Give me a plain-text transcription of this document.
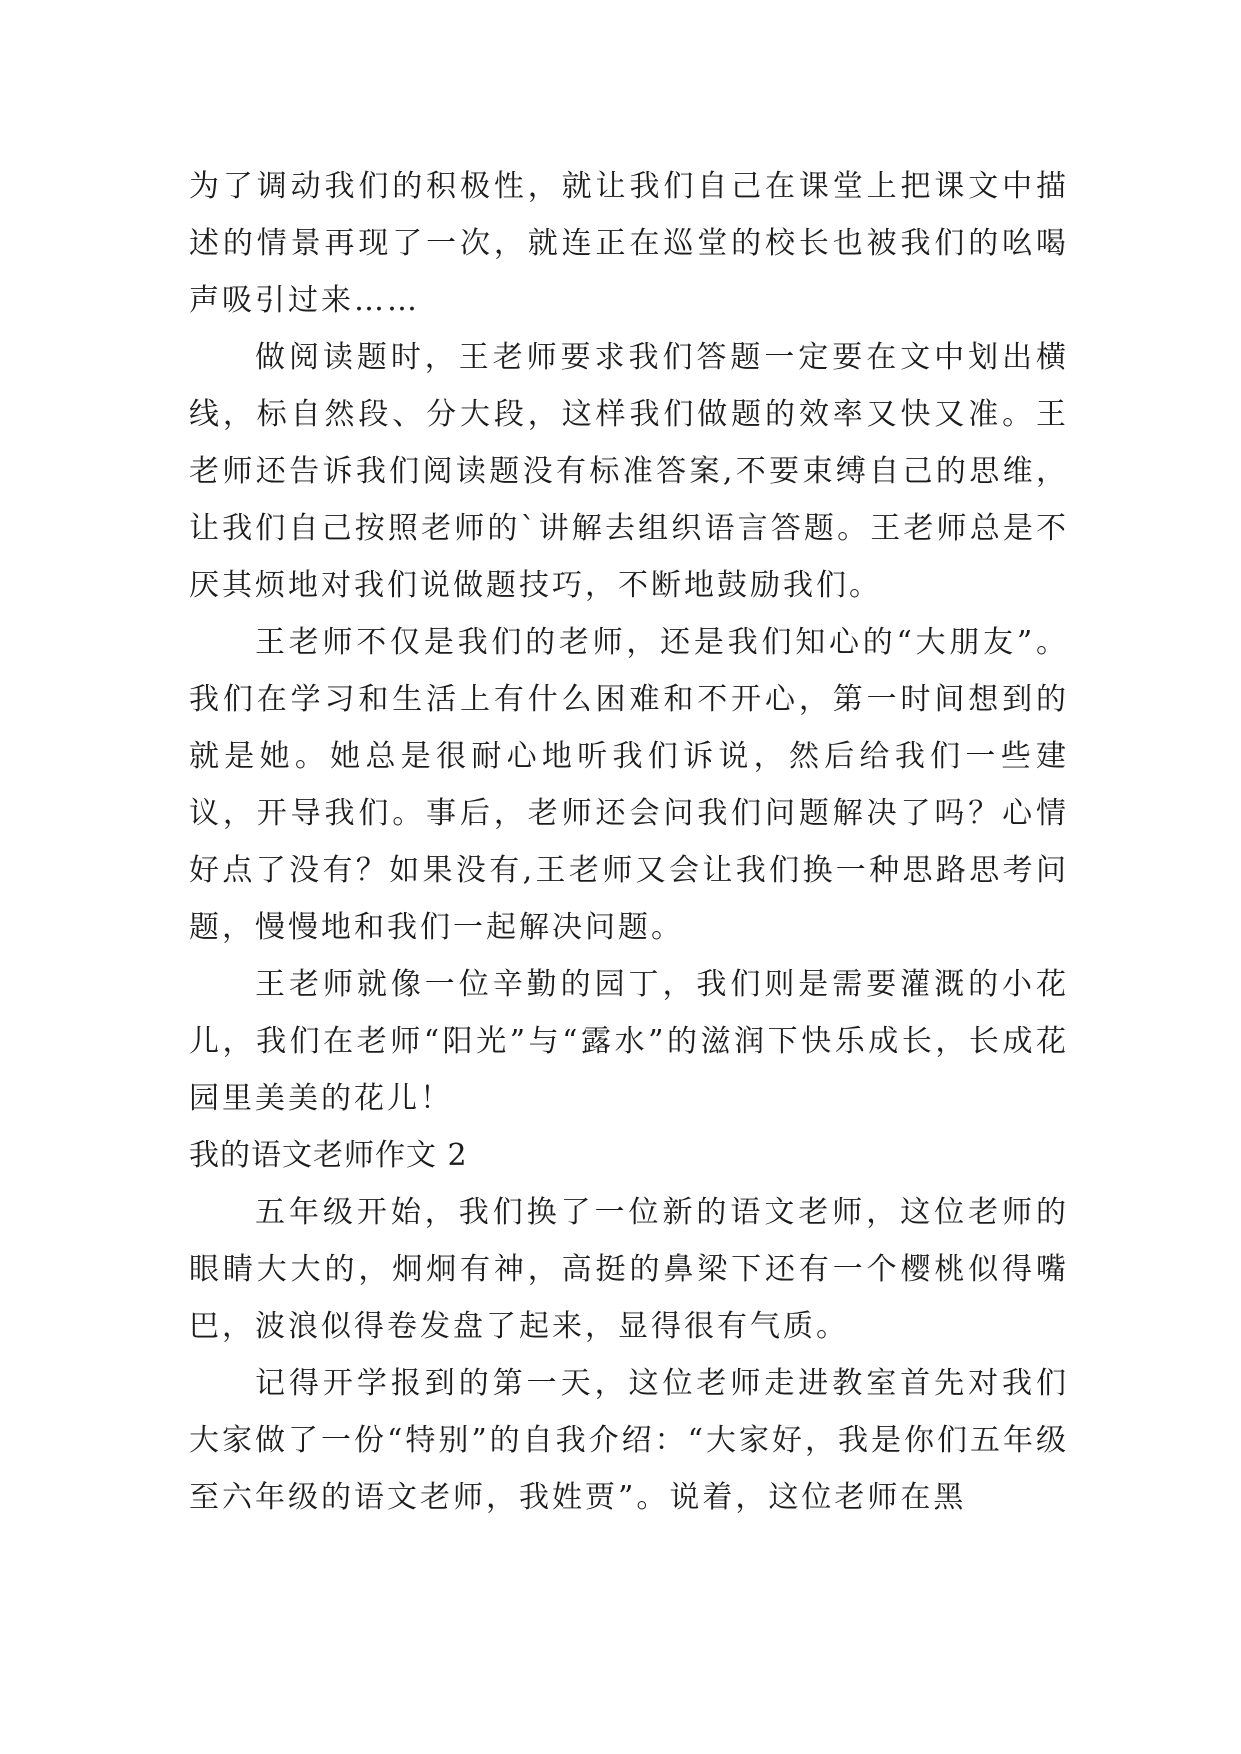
为了调动我们的积极性，就让我们自己在课堂上把课文中描述的情景再现了一次，就连正在巡堂的校长也被我们的吆喝声吸引过来……

做阅读题时，王老师要求我们答题一定要在文中划出横线，标自然段、分大段，这样我们做题的效率又快又准。王老师还告诉我们阅读题没有标准答案,不要束缚自己的思维，让我们自己按照老师的`讲解去组织语言答题。王老师总是不厌其烦地对我们说做题技巧，不断地鼓励我们。

王老师不仅是我们的老师，还是我们知心的“大朋友”。我们在学习和生活上有什么困难和不开心，第一时间想到的就是她。她总是很耐心地听我们诉说，然后给我们一些建议，开导我们。事后，老师还会问我们问题解决了吗？心情好点了没有？如果没有,王老师又会让我们换一种思路思考问题，慢慢地和我们一起解决问题。

王老师就像一位辛勤的园丁，我们则是需要灌溉的小花儿，我们在老师“阳光”与“露水”的滋润下快乐成长，长成花园里美美的花儿！

我的语文老师作文 2

五年级开始，我们换了一位新的语文老师，这位老师的眼睛大大的，炯炯有神，高挺的鼻梁下还有一个樱桃似得嘴巴，波浪似得卷发盘了起来，显得很有气质。

记得开学报到的第一天，这位老师走进教室首先对我们大家做了一份“特别”的自我介绍：“大家好，我是你们五年级至六年级的语文老师，我姓贾”。说着，这位老师在黑
